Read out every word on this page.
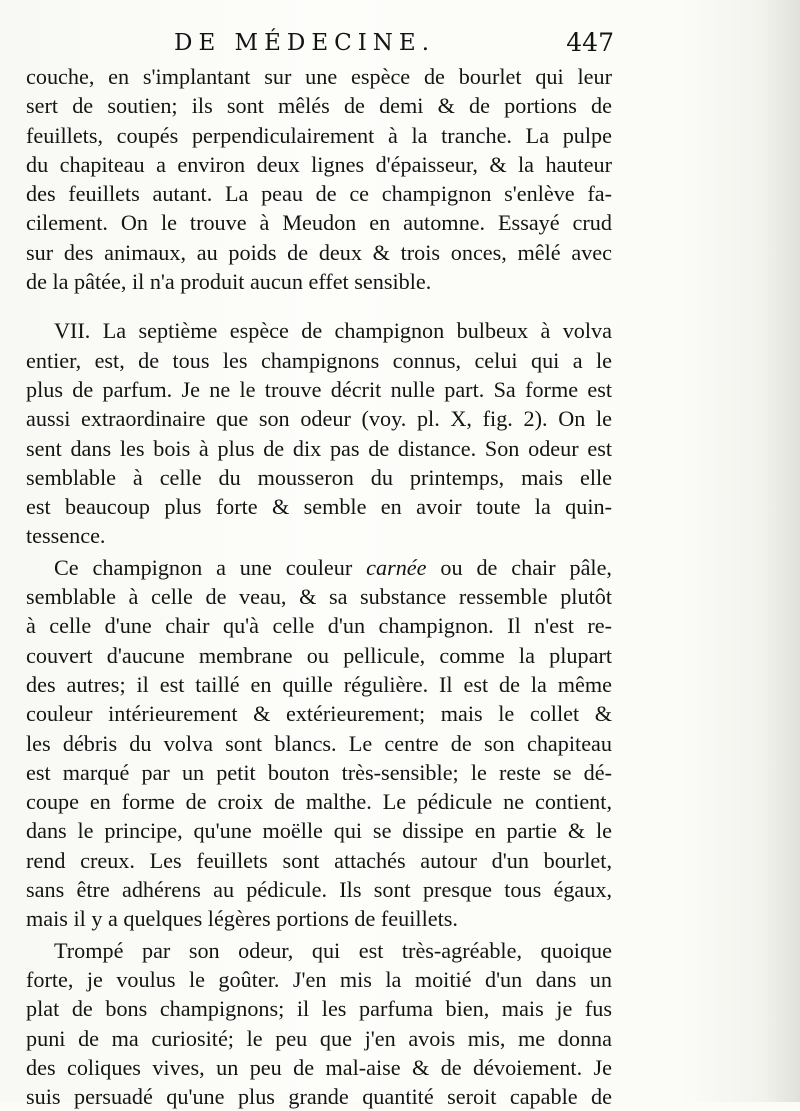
DE MÉDECINE.	447
couche, en s'implantant sur une espèce de bourlet qui leur
sert de soutien; ils sont mêlés de demi & de portions de
feuillets, coupés perpendiculairement à la tranche. La pulpe
du chapiteau a environ deux lignes d'épaisseur, & la hauteur
des feuillets autant. La peau de ce champignon s'enlève fa-
cilement. On le trouve à Meudon en automne. Essayé crud
sur des animaux, au poids de deux & trois onces, mêlé avec
de la pâtée, il n'a produit aucun effet sensible.
VII. La septième espèce de champignon bulbeux à volva
entier, est, de tous les champignons connus, celui qui a le
plus de parfum. Je ne le trouve décrit nulle part. Sa forme est
aussi extraordinaire que son odeur (voy. pl. X, fig. 2). On le
sent dans les bois à plus de dix pas de distance. Son odeur est
semblable à celle du mousseron du printemps, mais elle
est beaucoup plus forte & semble en avoir toute la quin-
tessence.
Ce champignon a une couleur carnée ou de chair pâle,
semblable à celle de veau, & sa substance ressemble plutôt
à celle d'une chair qu'à celle d'un champignon. Il n'est re-
couvert d'aucune membrane ou pellicule, comme la plupart
des autres; il est taillé en quille régulière. Il est de la même
couleur intérieurement & extérieurement; mais le collet &
les débris du volva sont blancs. Le centre de son chapiteau
est marqué par un petit bouton très-sensible; le reste se dé-
coupe en forme de croix de malthe. Le pédicule ne contient,
dans le principe, qu'une moëlle qui se dissipe en partie & le
rend creux. Les feuillets sont attachés autour d'un bourlet,
sans être adhérens au pédicule. Ils sont presque tous égaux,
mais il y a quelques légères portions de feuillets.
Trompé par son odeur, qui est très-agréable, quoique
forte, je voulus le goûter. J'en mis la moitié d'un dans un
plat de bons champignons; il les parfuma bien, mais je fus
puni de ma curiosité; le peu que j'en avois mis, me donna
des coliques vives, un peu de mal-aise & de dévoiement. Je
suis persuadé qu'une plus grande quantité seroit capable de
